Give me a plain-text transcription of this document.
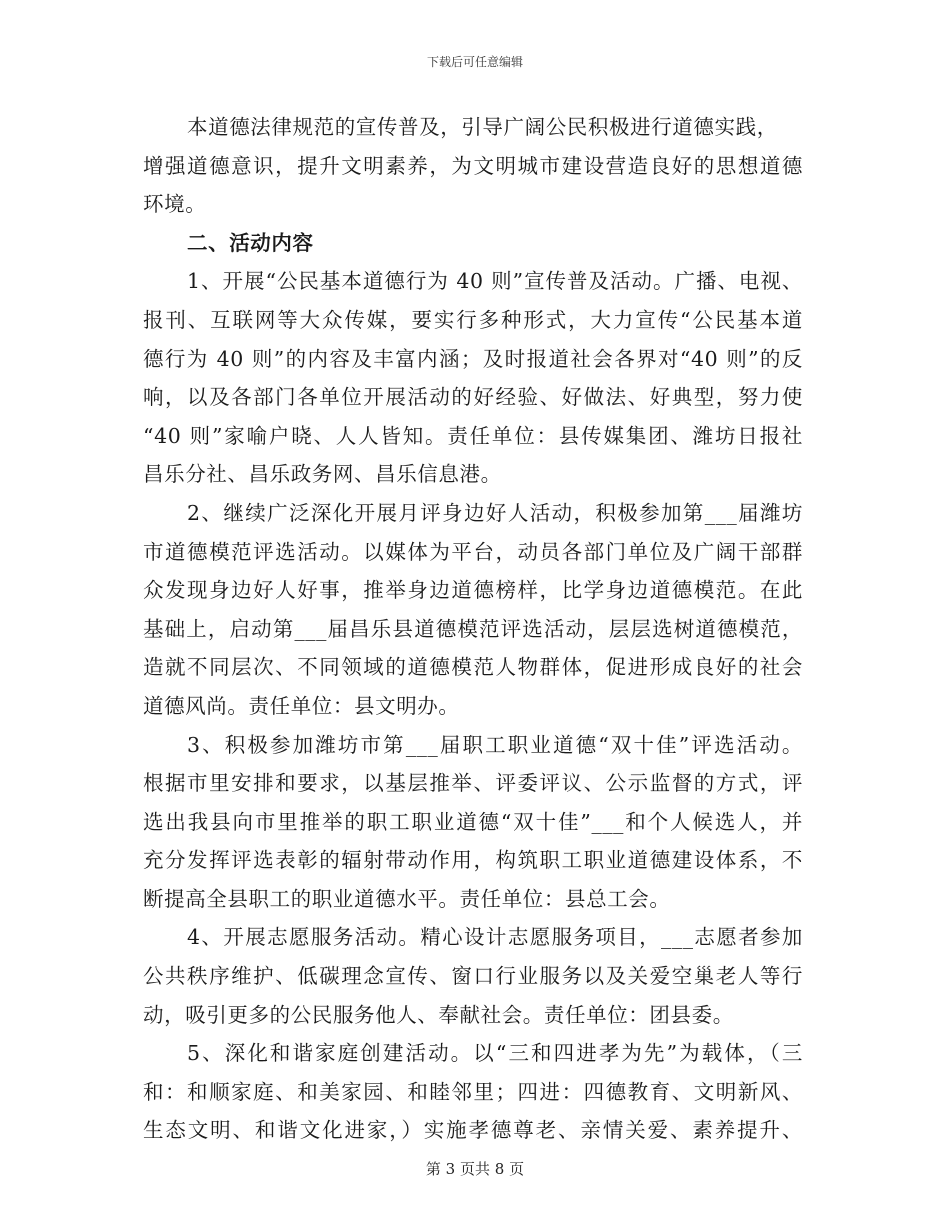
下载后可任意编辑
本道德法律规范的宣传普及，引导广阔公民积极进行道德实践，
增强道德意识，提升文明素养，为文明城市建设营造良好的思想道德
环境。
二、活动内容
1、开展“公民基本道德行为 40 则”宣传普及活动。广播、电视、
报刊、互联网等大众传媒，要实行多种形式，大力宣传“公民基本道
德行为 40 则”的内容及丰富内涵；及时报道社会各界对“40 则”的反
响，以及各部门各单位开展活动的好经验、好做法、好典型，努力使
“40 则”家喻户晓、人人皆知。责任单位：县传媒集团、潍坊日报社
昌乐分社、昌乐政务网、昌乐信息港。
2、继续广泛深化开展月评身边好人活动，积极参加第___届潍坊
市道德模范评选活动。以媒体为平台，动员各部门单位及广阔干部群
众发现身边好人好事，推举身边道德榜样，比学身边道德模范。在此
基础上，启动第___届昌乐县道德模范评选活动，层层选树道德模范，
造就不同层次、不同领域的道德模范人物群体，促进形成良好的社会
道德风尚。责任单位：县文明办。
3、积极参加潍坊市第___届职工职业道德“双十佳”评选活动。
根据市里安排和要求，以基层推举、评委评议、公示监督的方式，评
选出我县向市里推举的职工职业道德“双十佳”___和个人候选人，并
充分发挥评选表彰的辐射带动作用，构筑职工职业道德建设体系，不
断提高全县职工的职业道德水平。责任单位：县总工会。
4、开展志愿服务活动。精心设计志愿服务项目，___志愿者参加
公共秩序维护、低碳理念宣传、窗口行业服务以及关爱空巢老人等行
动，吸引更多的公民服务他人、奉献社会。责任单位：团县委。
5、深化和谐家庭创建活动。以“三和四进孝为先”为载体，（三
和：和顺家庭、和美家园、和睦邻里；四进：四德教育、文明新风、
生态文明、和谐文化进家，）实施孝德尊老、亲情关爱、素养提升、
第 3 页共 8 页
